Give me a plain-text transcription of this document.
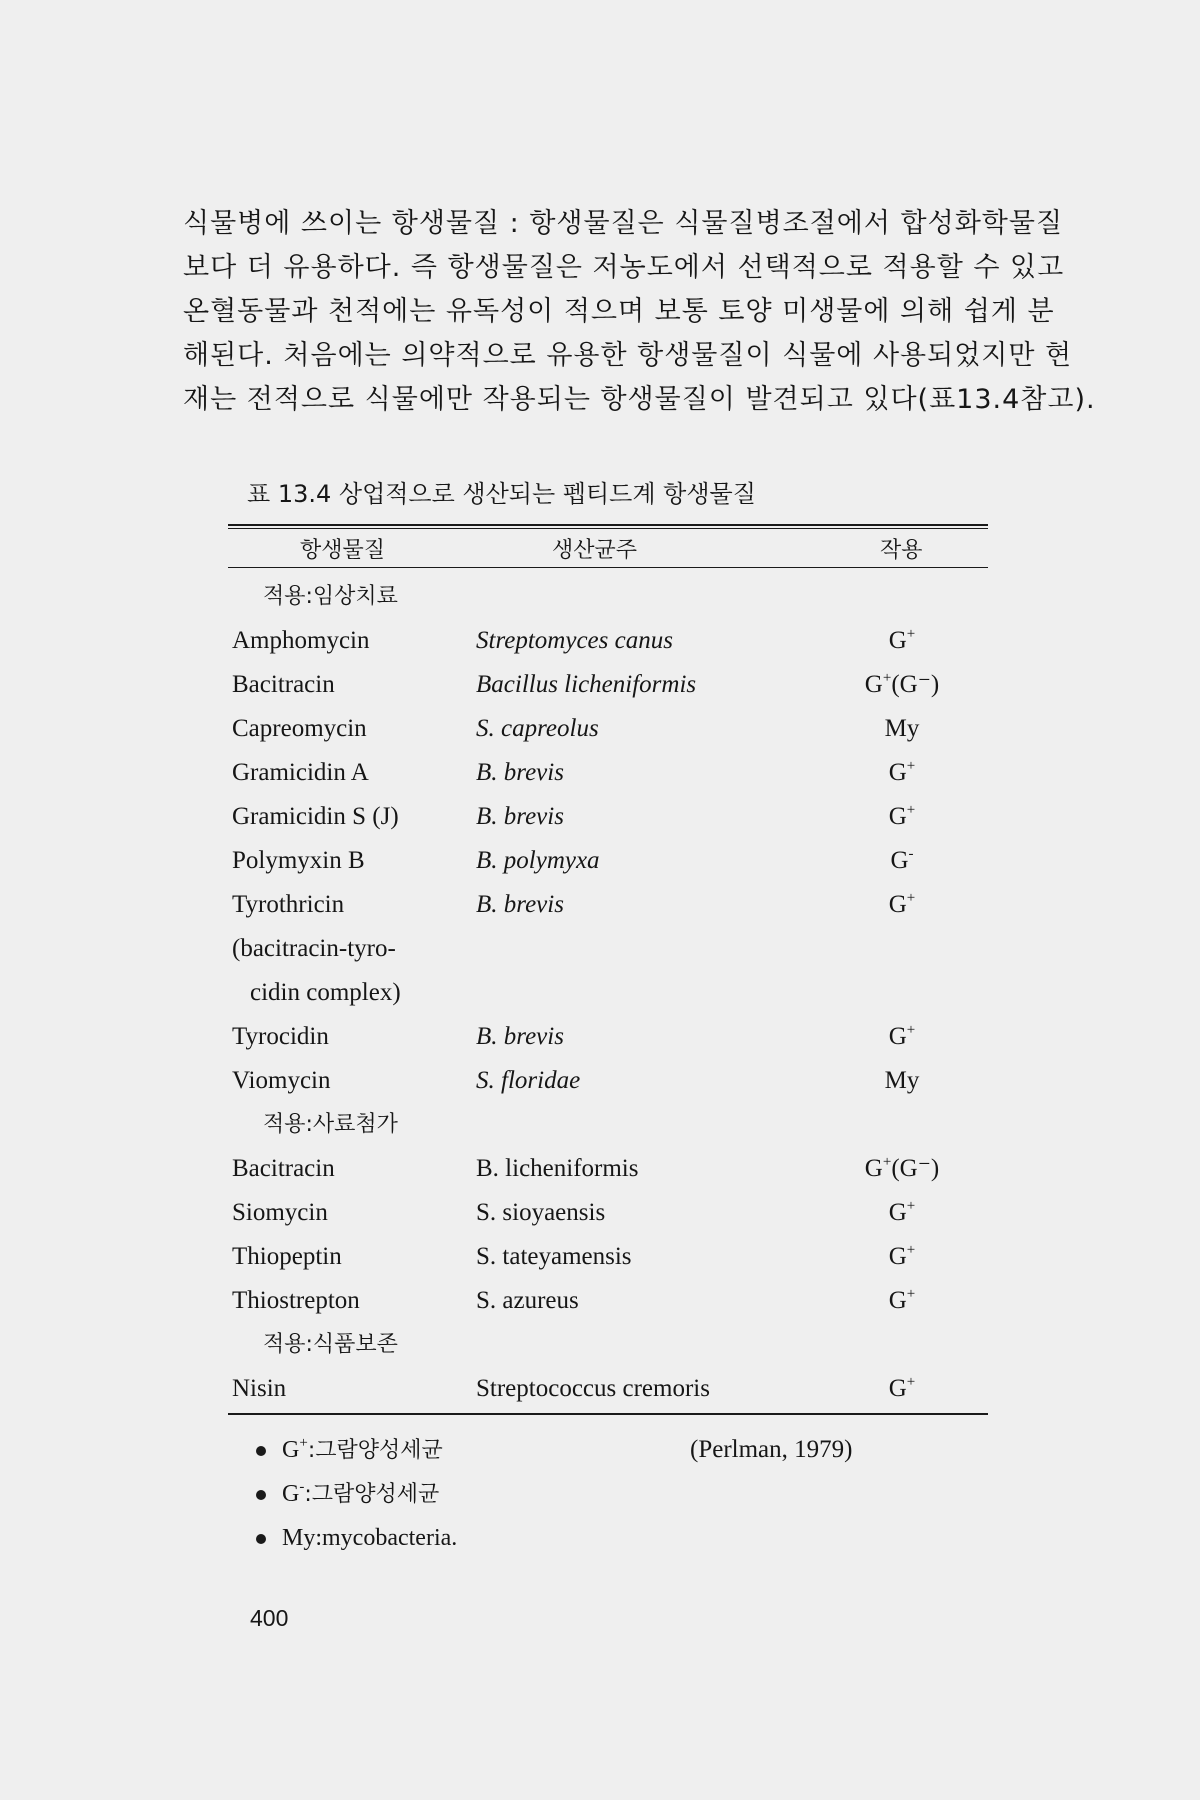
식물병에 쓰이는 항생물질 : 항생물질은 식물질병조절에서 합성화학물질
보다 더 유용하다. 즉 항생물질은 저농도에서 선택적으로 적용할 수 있고
온혈동물과 천적에는 유독성이 적으며 보통 토양 미생물에 의해 쉽게 분
해된다. 처음에는 의약적으로 유용한 항생물질이 식물에 사용되었지만 현
재는 전적으로 식물에만 작용되는 항생물질이 발견되고 있다(표13.4참고).

표 13.4 상업적으로 생산되는 펩티드계 항생물질
항생물질	생산균주	작용
적용:임상치료
Amphomycin	Streptomyces canus	G+
Bacitracin	Bacillus licheniformis	G+(G⁻)
Capreomycin	S. capreolus	My
Gramicidin A	B. brevis	G+
Gramicidin S (J)	B. brevis	G+
Polymyxin B	B. polymyxa	G-
Tyrothricin	B. brevis	G+
(bacitracin-tyro-
cidin complex)
Tyrocidin	B. brevis	G+
Viomycin	S. floridae	My
적용:사료첨가
Bacitracin	B. licheniformis	G+(G⁻)
Siomycin	S. sioyaensis	G+
Thiopeptin	S. tateyamensis	G+
Thiostrepton	S. azureus	G+
적용:식품보존
Nisin	Streptococcus cremoris	G+
G+:그람양성세균
G-:그람양성세균
My:mycobacteria.
(Perlman, 1979)
400
